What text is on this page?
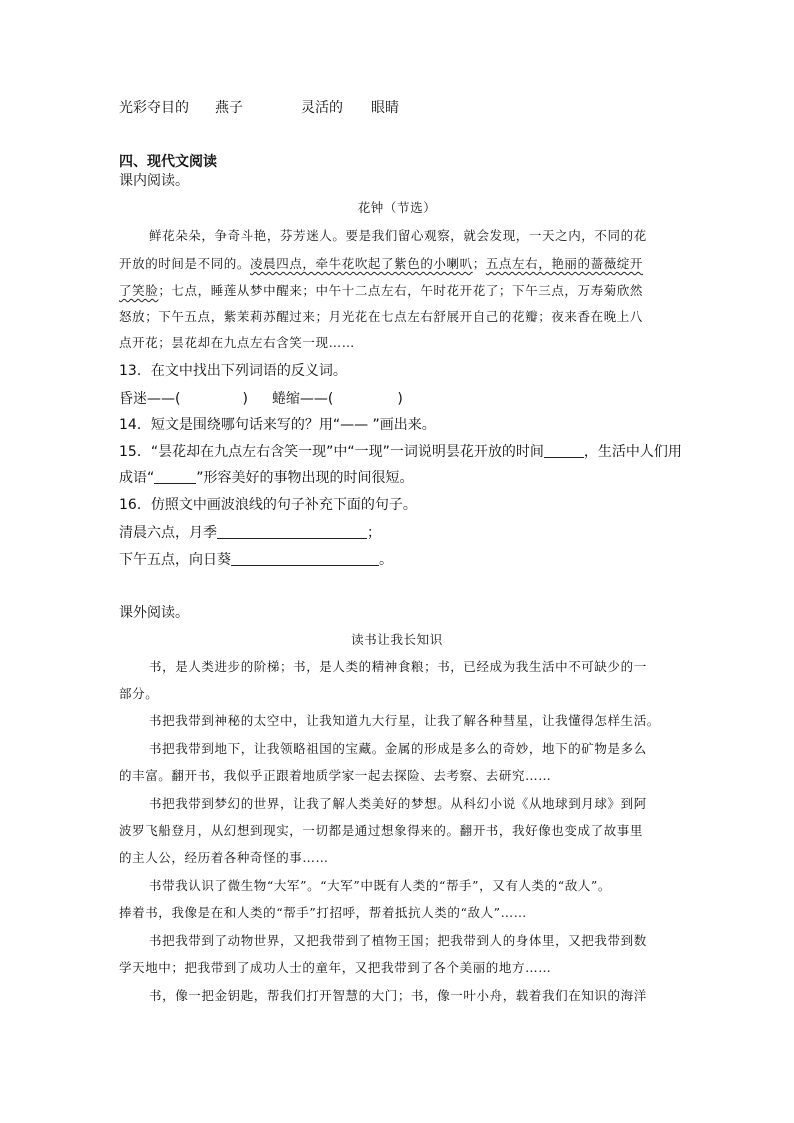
光彩夺目的 燕子	灵活的 眼睛
四、现代文阅读
课内阅读。
花钟（节选）
鲜花朵朵，争奇斗艳，芬芳迷人。要是我们留心观察，就会发现，一天之内，不同的花
开放的时间是不同的。凌晨四点，牵牛花吹起了紫色的小喇叭；五点左右，艳丽的蔷薇绽开
了笑脸；七点，睡莲从梦中醒来；中午十二点左右，午时花开花了；下午三点，万寿菊欣然
怒放；下午五点，紫茉莉苏醒过来；月光花在七点左右舒展开自己的花瓣；夜来香在晚上八
点开花；昙花却在九点左右含笑一现……
13．在文中找出下列词语的反义词。
昏迷——(	) 蜷缩——(	)
14．短文是围绕哪句话来写的？用“—— ”画出来。
15．“昙花却在九点左右含笑一现”中“一现”一词说明昙花开放的时间	，生活中人们用
成语“	”形容美好的事物出现的时间很短。
16．仿照文中画波浪线的句子补充下面的句子。
清晨六点，月季	；
下午五点，向日葵	。
课外阅读。
读书让我长知识
书，是人类进步的阶梯；书，是人类的精神食粮；书，已经成为我生活中不可缺少的一
部分。
书把我带到神秘的太空中，让我知道九大行星，让我了解各种彗星，让我懂得怎样生活。
书把我带到地下，让我领略祖国的宝藏。金属的形成是多么的奇妙，地下的矿物是多么
的丰富。翻开书，我似乎正跟着地质学家一起去探险、去考察、去研究……
书把我带到梦幻的世界，让我了解人类美好的梦想。从科幻小说《从地球到月球》到阿
波罗飞船登月，从幻想到现实，一切都是通过想象得来的。翻开书，我好像也变成了故事里
的主人公，经历着各种奇怪的事……
书带我认识了微生物“大军”。“大军”中既有人类的“帮手”，又有人类的“敌人”。
捧着书，我像是在和人类的“帮手”打招呼，帮着抵抗人类的“敌人”……
书把我带到了动物世界，又把我带到了植物王国；把我带到人的身体里，又把我带到数
学天地中；把我带到了成功人士的童年，又把我带到了各个美丽的地方……
书，像一把金钥匙，帮我们打开智慧的大门；书，像一叶小舟，载着我们在知识的海洋
